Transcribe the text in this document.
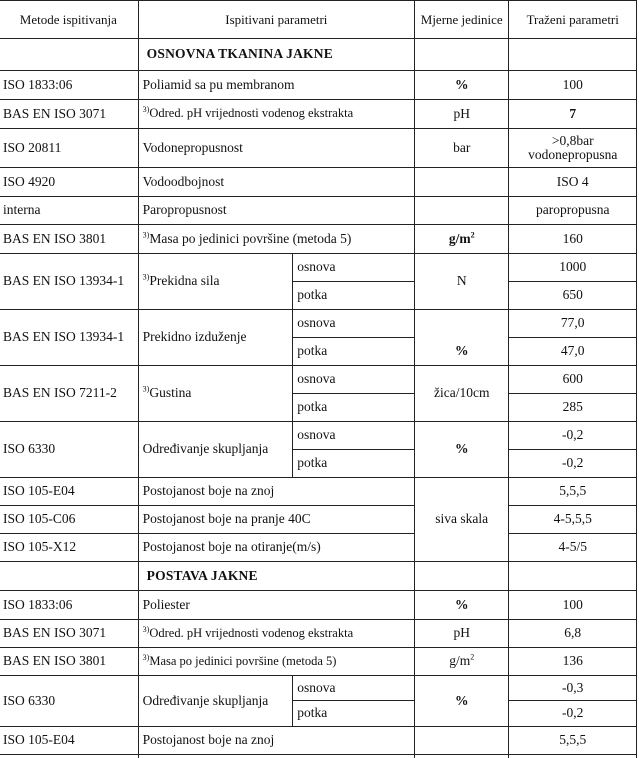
Metode ispitivanja	Ispitivani parametri		Mjerne jedinice	Traženi parametri
	OSNOVNA TKANINA JAKNE			
ISO 1833:06	Poliamid sa pu membranom		%	100
BAS EN ISO 3071	$^{3)}$Odred. pH vrijednosti vodenog ekstrakta		pH	7
ISO 20811	Vodonepropusnost		bar	>0,8bar vodonepropusna
ISO 4920	Vodoodbojnost			ISO 4
interna	Paropropusnost			paropropusna
BAS EN ISO 3801	$^{3)}$Masa po jedinici površine (metoda 5)		$g/m^2$	160
BAS EN ISO 13934-1	$^{3)}$Prekidna sila	osnova	N	1000
		potka		650
BAS EN ISO 13934-1	Prekidno izduženje	osnova		77,0
		potka	%	47,0
BAS EN ISO 7211-2	$^{3)}$Gustina	osnova	žica/10cm	600
		potka		285
ISO 6330	Određivanje skupljanja	osnova	%	-0,2
		potka		-0,2
ISO 105-E04	Postojanost boje na znoj		siva skala	5,5,5
ISO 105-C06	Postojanost boje na pranje 40C			4-5,5,5
ISO 105-X12	Postojanost boje na otiranje(m/s)			4-5/5
	POSTAVA JAKNE			
ISO 1833:06	Poliester		%	100
BAS EN ISO 3071	$^{3)}$Odred. pH vrijednosti vodenog ekstrakta		pH	6,8
BAS EN ISO 3801	$^{3)}$Masa po jedinici površine (metoda 5)		$g/m^2$	136
ISO 6330	Određivanje skupljanja	osnova	%	-0,3
		potka		-0,2
ISO 105-E04	Postojanost boje na znoj			5,5,5
